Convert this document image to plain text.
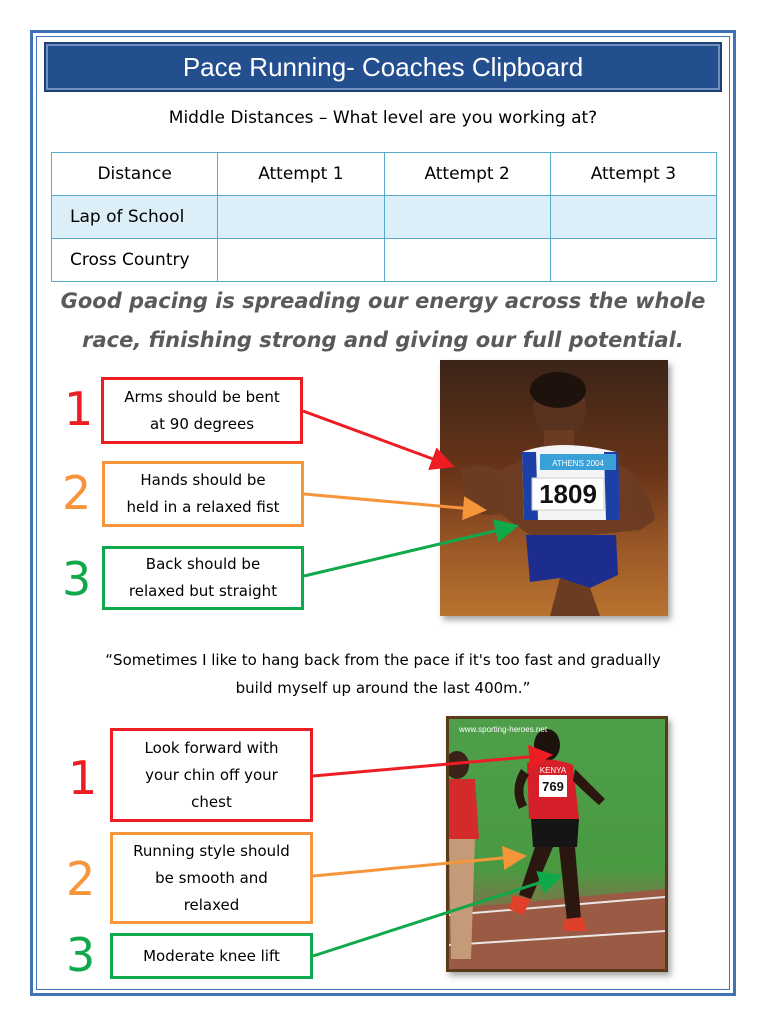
Pace Running- Coaches Clipboard
Middle Distances – What level are you working at?
Distance	Attempt 1	Attempt 2	Attempt 3
Lap of School			
Cross Country			
Good pacing is spreading our energy across the whole
race, finishing strong and giving our full potential.
1 Arms should be bent
at 90 degrees
2	Hands should be
held in a relaxed fist
3	Back should be
relaxed but straight
ATHENS 2004
1809
“Sometimes I like to hang back from the pace if it's too fast and gradually
build myself up around the last 400m.”
1
Look forward with
your chin off your
chest
2
Running style should
be smooth and
relaxed
3	Moderate knee lift
www.sporting-heroes.net
769
KENYA
